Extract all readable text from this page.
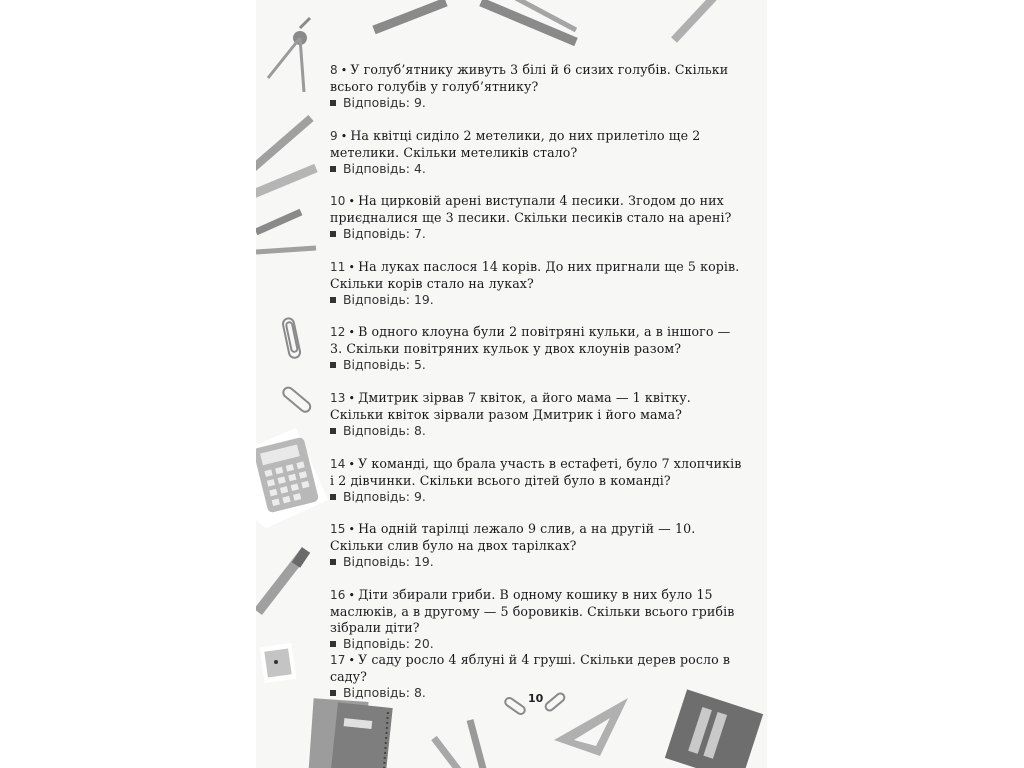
8 • У голуб’ятнику живуть 3 білі й 6 сизих голубів. Скільки всього голубів у голуб’ятнику?
Відповідь: 9.
9 • На квітці сиділо 2 метелики, до них прилетіло ще 2 метелики. Скільки метеликів стало?
Відповідь: 4.
10 • На цирковій арені виступали 4 песики. Згодом до них приєдналися ще 3 песики. Скільки песиків стало на арені?
Відповідь: 7.
11 • На луках паслося 14 корів. До них пригнали ще 5 корів. Скільки корів стало на луках?
Відповідь: 19.
12 • В одного клоуна були 2 повітряні кульки, а в іншого — 3. Скільки повітряних кульок у двох клоунів разом?
Відповідь: 5.
13 • Дмитрик зірвав 7 квіток, а його мама — 1 квітку. Скільки квіток зірвали разом Дмитрик і його мама?
Відповідь: 8.
14 • У команді, що брала участь в естафеті, було 7 хлопчиків і 2 дівчинки. Скільки всього дітей було в команді?
Відповідь: 9.
15 • На одній тарілці лежало 9 слив, а на другій — 10. Скільки слив було на двох тарілках?
Відповідь: 19.
16 • Діти збирали гриби. В одному кошику в них було 15 маслюків, а в другому — 5 боровиків. Скільки всього грибів зібрали діти?
Відповідь: 20.
17 • У саду росло 4 яблуні й 4 груші. Скільки дерев росло в саду?
Відповідь: 8.	10
